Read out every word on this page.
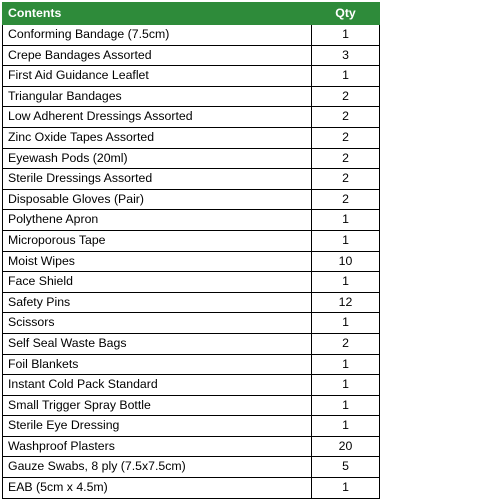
Contents	Qty
Conforming Bandage (7.5cm)	1
Crepe Bandages Assorted	3
First Aid Guidance Leaflet	1
Triangular Bandages	2
Low Adherent Dressings Assorted	2
Zinc Oxide Tapes Assorted	2
Eyewash Pods (20ml)	2
Sterile Dressings Assorted	2
Disposable Gloves (Pair)	2
Polythene Apron	1
Microporous Tape	1
Moist Wipes	10
Face Shield	1
Safety Pins	12
Scissors	1
Self Seal Waste Bags	2
Foil Blankets	1
Instant Cold Pack Standard	1
Small Trigger Spray Bottle	1
Sterile Eye Dressing	1
Washproof Plasters	20
Gauze Swabs, 8 ply (7.5x7.5cm)	5
EAB (5cm x 4.5m)	1
